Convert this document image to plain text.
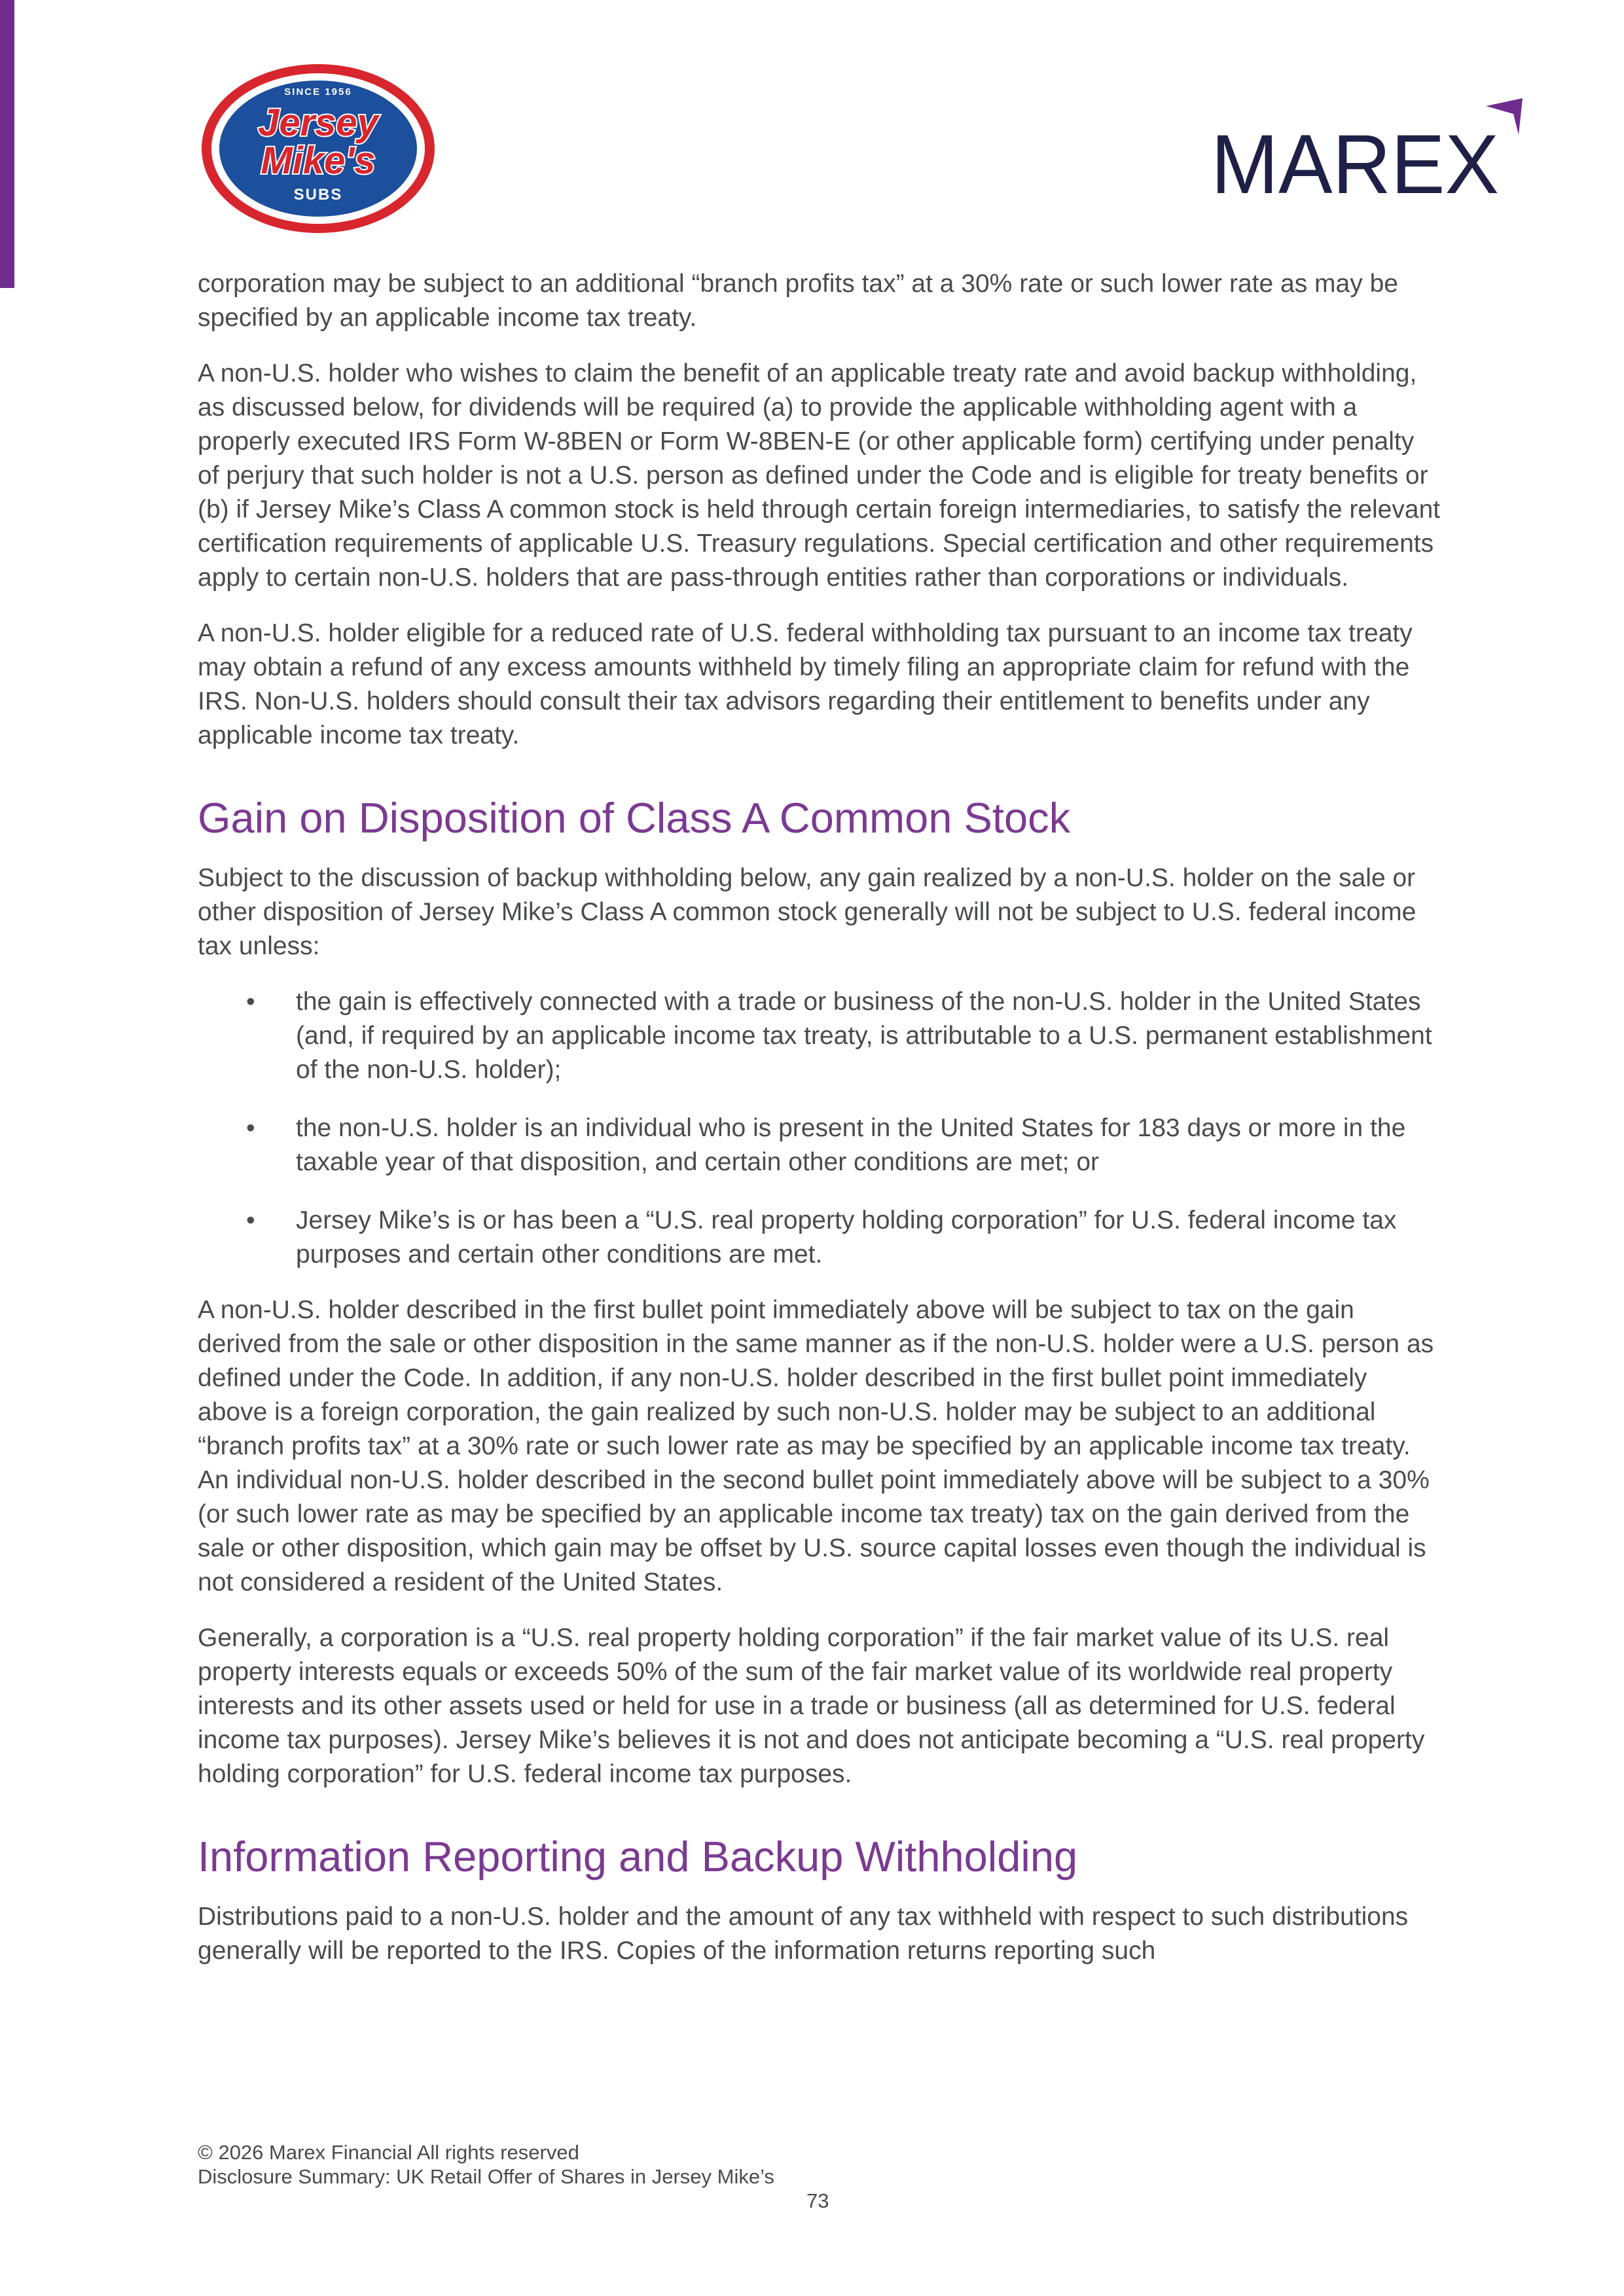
SINCE 1956
Jersey
Mike's
SUBS	MAREX

corporation may be subject to an additional “branch profits tax” at a 30% rate or such lower rate as may be specified by an applicable income tax treaty.

A non-U.S. holder who wishes to claim the benefit of an applicable treaty rate and avoid backup withholding, as discussed below, for dividends will be required (a) to provide the applicable withholding agent with a properly executed IRS Form W-8BEN or Form W-8BEN-E (or other applicable form) certifying under penalty of perjury that such holder is not a U.S. person as defined under the Code and is eligible for treaty benefits or (b) if Jersey Mike’s Class A common stock is held through certain foreign intermediaries, to satisfy the relevant certification requirements of applicable U.S. Treasury regulations. Special certification and other requirements apply to certain non-U.S. holders that are pass-through entities rather than corporations or individuals.

A non-U.S. holder eligible for a reduced rate of U.S. federal withholding tax pursuant to an income tax treaty may obtain a refund of any excess amounts withheld by timely filing an appropriate claim for refund with the IRS. Non-U.S. holders should consult their tax advisors regarding their entitlement to benefits under any applicable income tax treaty.

Gain on Disposition of Class A Common Stock

Subject to the discussion of backup withholding below, any gain realized by a non-U.S. holder on the sale or other disposition of Jersey Mike’s Class A common stock generally will not be subject to U.S. federal income tax unless:

• the gain is effectively connected with a trade or business of the non-U.S. holder in the United States (and, if required by an applicable income tax treaty, is attributable to a U.S. permanent establishment of the non-U.S. holder);
• the non-U.S. holder is an individual who is present in the United States for 183 days or more in the taxable year of that disposition, and certain other conditions are met; or
• Jersey Mike’s is or has been a “U.S. real property holding corporation” for U.S. federal income tax purposes and certain other conditions are met.

A non-U.S. holder described in the first bullet point immediately above will be subject to tax on the gain derived from the sale or other disposition in the same manner as if the non-U.S. holder were a U.S. person as defined under the Code. In addition, if any non-U.S. holder described in the first bullet point immediately above is a foreign corporation, the gain realized by such non-U.S. holder may be subject to an additional “branch profits tax” at a 30% rate or such lower rate as may be specified by an applicable income tax treaty. An individual non-U.S. holder described in the second bullet point immediately above will be subject to a 30% (or such lower rate as may be specified by an applicable income tax treaty) tax on the gain derived from the sale or other disposition, which gain may be offset by U.S. source capital losses even though the individual is not considered a resident of the United States.

Generally, a corporation is a “U.S. real property holding corporation” if the fair market value of its U.S. real property interests equals or exceeds 50% of the sum of the fair market value of its worldwide real property interests and its other assets used or held for use in a trade or business (all as determined for U.S. federal income tax purposes). Jersey Mike’s believes it is not and does not anticipate becoming a “U.S. real property holding corporation” for U.S. federal income tax purposes.

Information Reporting and Backup Withholding

Distributions paid to a non-U.S. holder and the amount of any tax withheld with respect to such distributions generally will be reported to the IRS. Copies of the information returns reporting such

© 2026 Marex Financial All rights reserved
Disclosure Summary: UK Retail Offer of Shares in Jersey Mike’s
73
